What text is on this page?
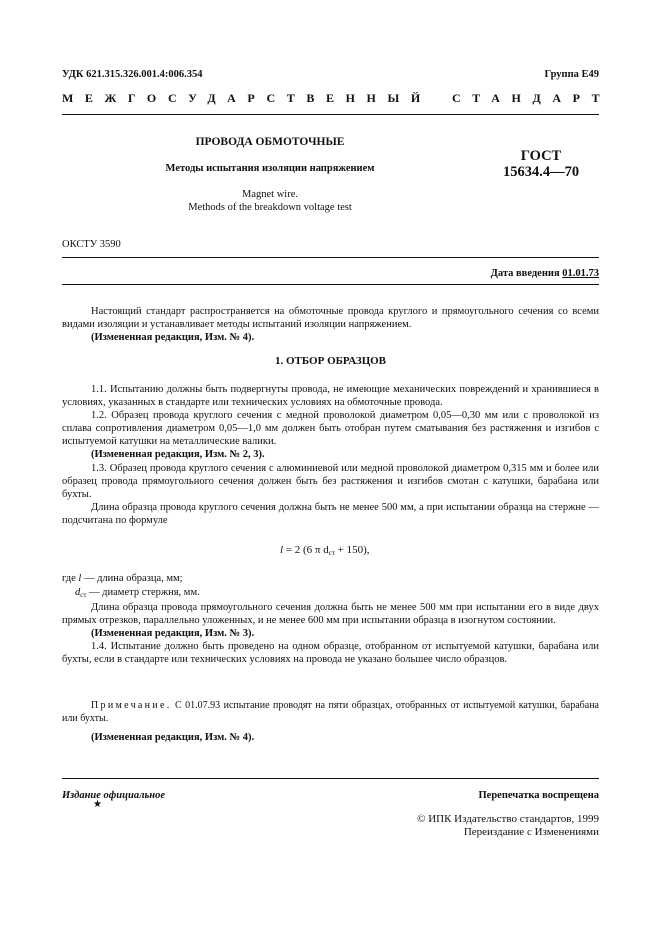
УДК 621.315.326.001.4:006.354	Группа Е49
МЕЖГОСУДАРСТВЕННЫЙ СТАНДАРТ
ПРОВОДА ОБМОТОЧНЫЕ
Методы испытания изоляции напряжением
Magnet wire.
Methods of the breakdown voltage test
ГОСТ
15634.4—70
ОКСТУ 3590
Дата введения 01.01.73

Настоящий стандарт распространяется на обмоточные провода круглого и прямоугольного сечения со всеми видами изоляции и устанавливает методы испытаний изоляции напряжением.

(Измененная редакция, Изм. № 4).

1. ОТБОР ОБРАЗЦОВ

1.1. Испытанию должны быть подвергнуты провода, не имеющие механических повреждений и хранившиеся в условиях, указанных в стандарте или технических условиях на обмоточные провода.

1.2. Образец провода круглого сечения с медной проволокой диаметром 0,05—0,30 мм или с проволокой из сплава сопротивления диаметром 0,05—1,0 мм должен быть отобран путем сматывания без растяжения и изгибов с испытуемой катушки на металлические валики.

(Измененная редакция, Изм. № 2, 3).

1.3. Образец провода круглого сечения с алюминиевой или медной проволокой диаметром 0,315 мм и более или образец провода прямоугольного сечения должен быть без растяжения и изгибов смотан с катушки, барабана или бухты.

Длина образца провода круглого сечения должна быть не менее 500 мм, а при испытании образца на стержне — подсчитана по формуле

l = 2 (6 π $d_{ст} + 150$),
где l — длина образца, мм;
$d_{ст}$ — диаметр стержня, мм.

Длина образца провода прямоугольного сечения должна быть не менее 500 мм при испытании его в виде двух прямых отрезков, параллельно уложенных, и не менее 600 мм при испытании образца в изогнутом состоянии.

(Измененная редакция, Изм. № 3).

1.4. Испытание должно быть проведено на одном образце, отобранном от испытуемой катушки, барабана или бухты, если в стандарте или технических условиях на провода не указано большее число образцов.

Примечание. С 01.07.93 испытание проводят на пяти образцах, отобранных от испытуемой катушки, барабана или бухты.

(Измененная редакция, Изм. № 4).

Издание официальное
★
Перепечатка воспрещена
© ИПК Издательство стандартов, 1999
Переиздание с Изменениями
